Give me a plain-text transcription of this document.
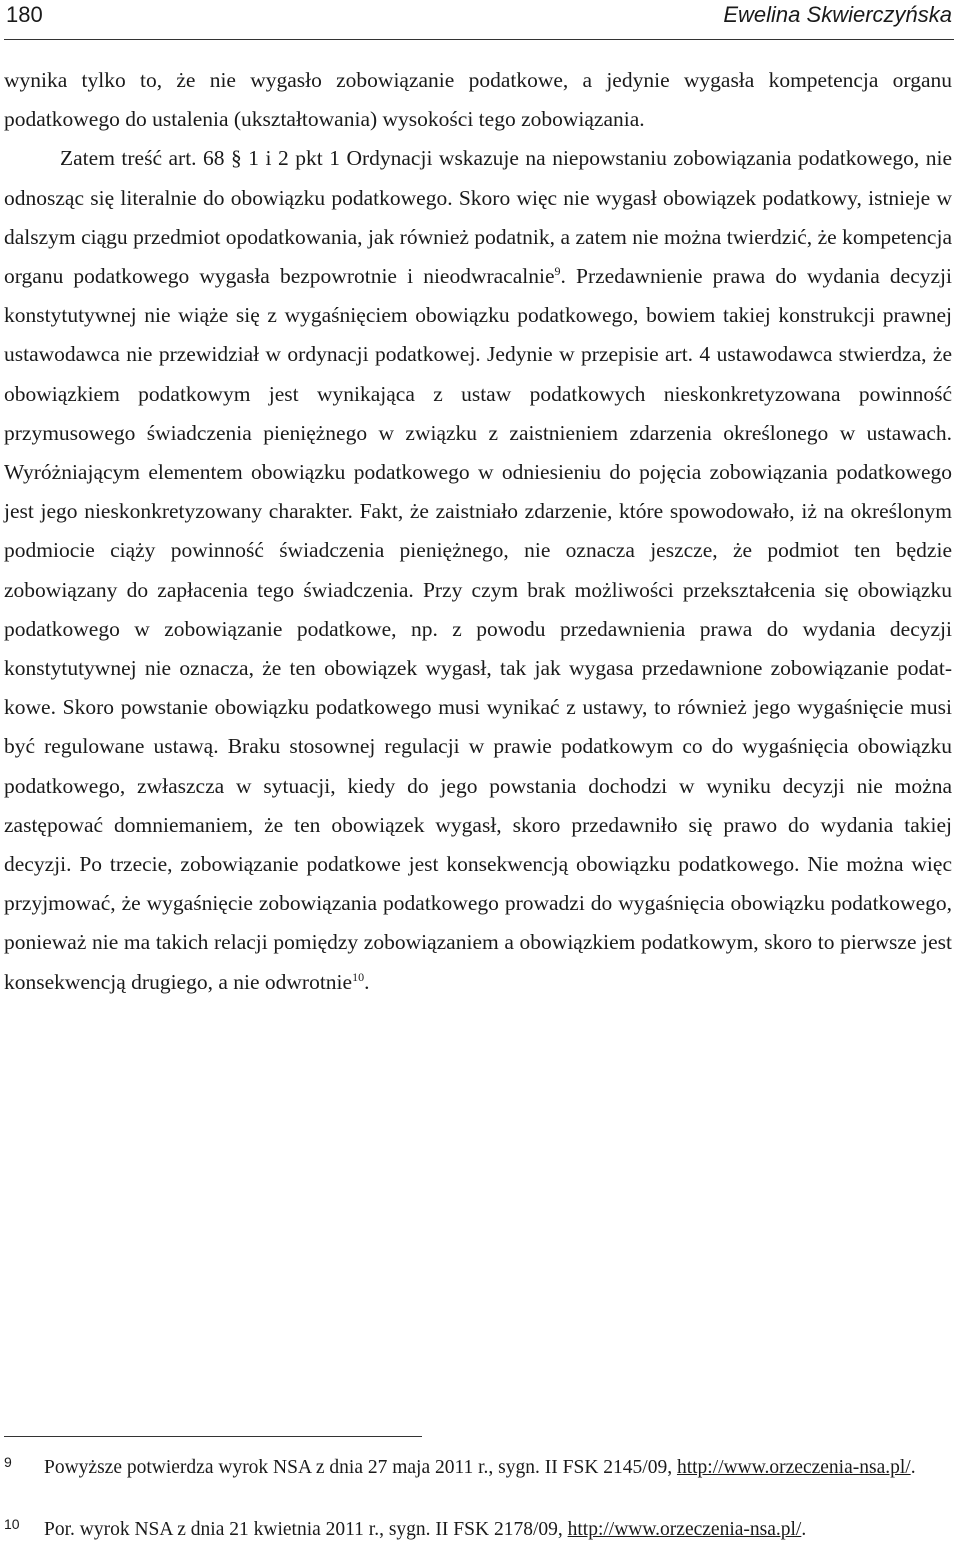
180	Ewelina Skwierczyńska

wynika tylko to, że nie wygasło zobowiązanie podatkowe, a jedynie wygasła kompetencja organu podatkowego do ustalenia (ukształtowania) wysokości tego zobowiązania.

Zatem treść art. 68 § 1 i 2 pkt 1 Ordynacji wskazuje na niepowstaniu zobowiązania podatkowego, nie odnosząc się literalnie do obowiązku podatkowego. Skoro więc nie wygasł obowiązek podatkowy, istnieje w dalszym ciągu przedmiot opodatkowania, jak również podatnik, a zatem nie można twierdzić, że kompetencja organu podatkowego wygasła bezpowrotnie i nieodwracalnie$^9$. Przedawnienie prawa do wydania decyzji konstytutywnej nie wiąże się z wygaśnięciem obowiązku podatkowego, bowiem takiej konstrukcji prawnej ustawodawca nie przewidział w ordynacji podatkowej. Jedynie w przepisie art. 4 ustawodawca stwierdza, że obowiązkiem podatkowym jest wynikająca z ustaw podatkowych nieskonkretyzowana powinność przymusowego świadczenia pieniężnego w związku z zaistnieniem zdarzenia określonego w ustawach. Wyróżniającym elementem obowiązku podatkowego w odniesieniu do pojęcia zobowiązania podatkowego jest jego nieskonkretyzowany charakter. Fakt, że zaistniało zdarzenie, które spowodowało, iż na określonym podmiocie ciąży powinność świadczenia pieniężnego, nie oznacza jeszcze, że podmiot ten będzie zobowiązany do zapłacenia tego świadczenia. Przy czym brak możliwości przekształcenia się obowiązku podatkowego w zobowiązanie podatkowe, np. z powodu przedawnienia prawa do wydania decyzji konstytutywnej nie oznacza, że ten obowiązek wygasł, tak jak wygasa przedawnione zobowiązanie podatkowe. Skoro powstanie obowiązku podatkowego musi wynikać z ustawy, to również jego wygaśnięcie musi być regulowane ustawą. Braku stosownej regulacji w prawie podatkowym co do wygaśnięcia obowiązku podatkowego, zwłaszcza w sytuacji, kiedy do jego powstania dochodzi w wyniku decyzji nie można zastępować domniemaniem, że ten obowiązek wygasł, skoro przedawniło się prawo do wydania takiej decyzji. Po trzecie, zobowiązanie podatkowe jest konsekwencją obowiązku podatkowego. Nie można więc przyjmować, że wygaśnięcie zobowiązania podatkowego prowadzi do wygaśnięcia obowiązku podatkowego, ponieważ nie ma takich relacji pomiędzy zobowiązaniem a obowiązkiem podatkowym, skoro to pierwsze jest konsekwencją drugiego, a nie odwrotnie$^{10}$.

9 Powyższe potwierdza wyrok NSA z dnia 27 maja 2011 r., sygn. II FSK 2145/09, http://www.orzeczenia-nsa.pl/.
10 Por. wyrok NSA z dnia 21 kwietnia 2011 r., sygn. II FSK 2178/09, http://www.orzeczenia-nsa.pl/.
